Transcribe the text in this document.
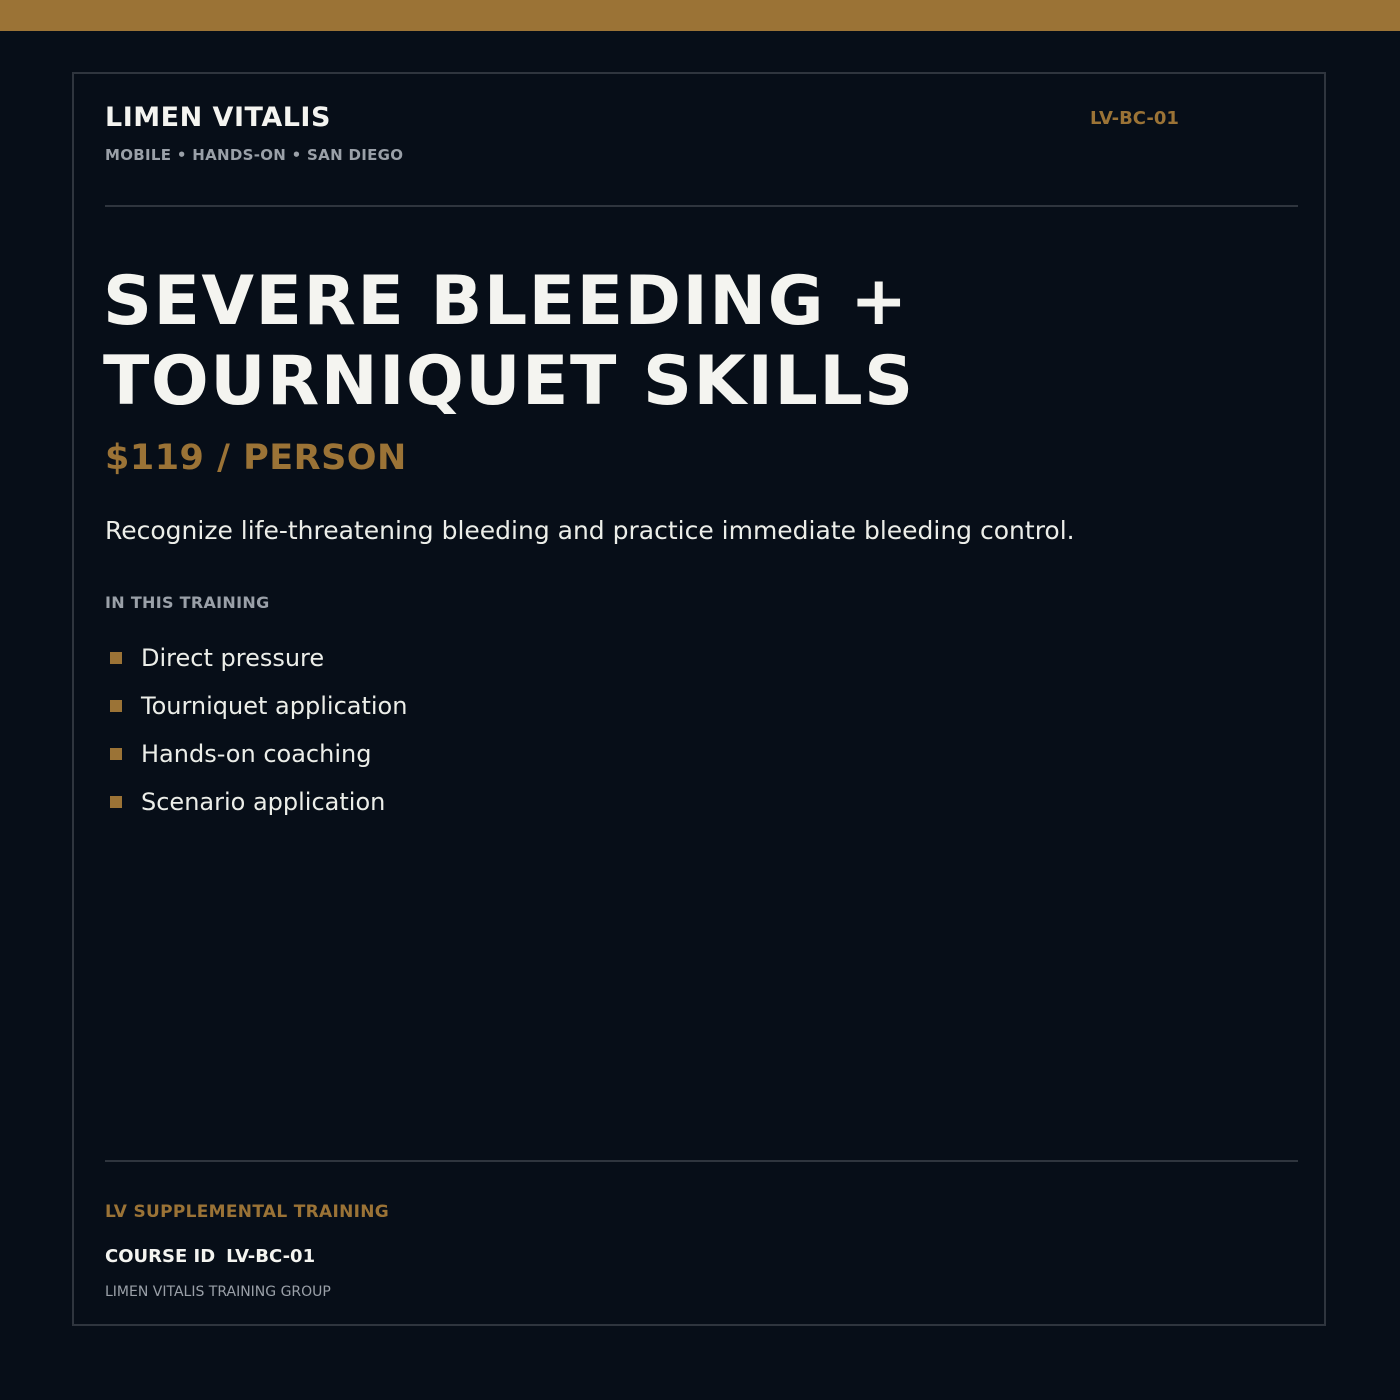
LIMEN VITALIS
MOBILE • HANDS-ON • SAN DIEGO
LV-BC-01
SEVERE BLEEDING +
TOURNIQUET SKILLS
$119 / PERSON
Recognize life-threatening bleeding and practice immediate bleeding control.
IN THIS TRAINING
Direct pressure
Tourniquet application
Hands-on coaching
Scenario application
LV SUPPLEMENTAL TRAINING
COURSE ID LV-BC-01
LIMEN VITALIS TRAINING GROUP
